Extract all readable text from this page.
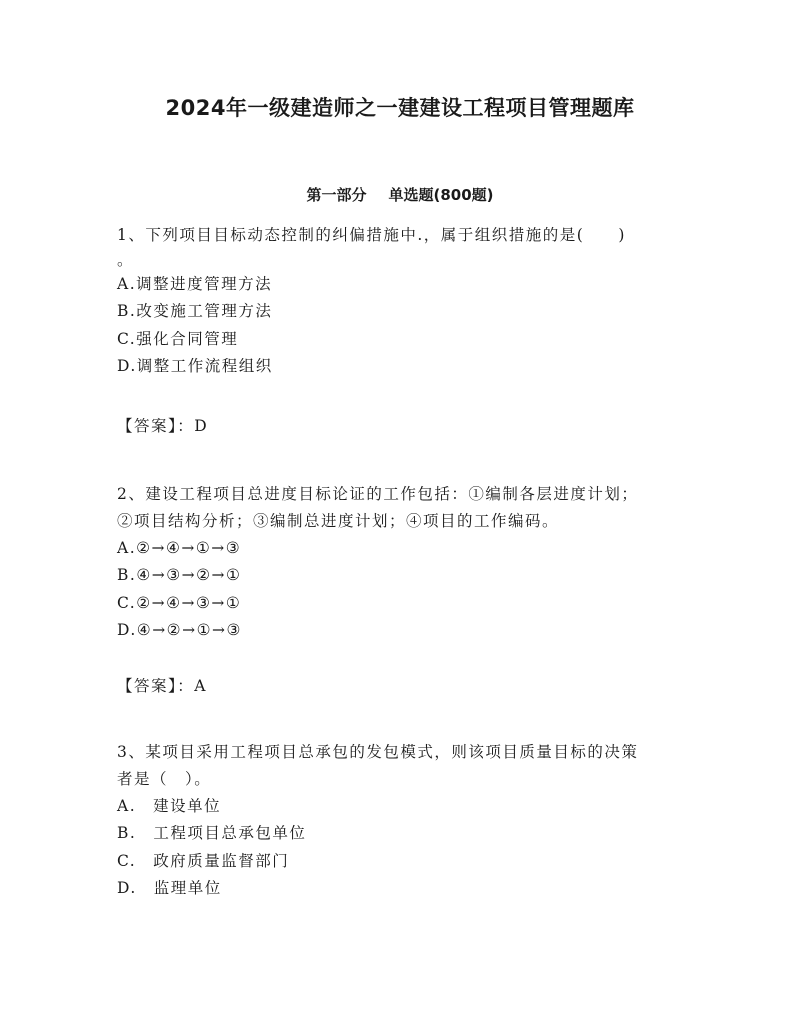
2024年一级建造师之一建建设工程项目管理题库
第一部分 单选题(800题)
1、下列项目目标动态控制的纠偏措施中.，属于组织措施的是(　　)
。
A.调整进度管理方法
B.改变施工管理方法
C.强化合同管理
D.调整工作流程组织
【答案】：D
2、建设工程项目总进度目标论证的工作包括：①编制各层进度计划；
②项目结构分析；③编制总进度计划；④项目的工作编码。
A.②→④→①→③
B.④→③→②→①
C.②→④→③→①
D.④→②→①→③
【答案】：A
3、某项目采用工程项目总承包的发包模式，则该项目质量目标的决策
者是（　）。
A.　建设单位
B.　工程项目总承包单位
C.　政府质量监督部门
D.　监理单位
